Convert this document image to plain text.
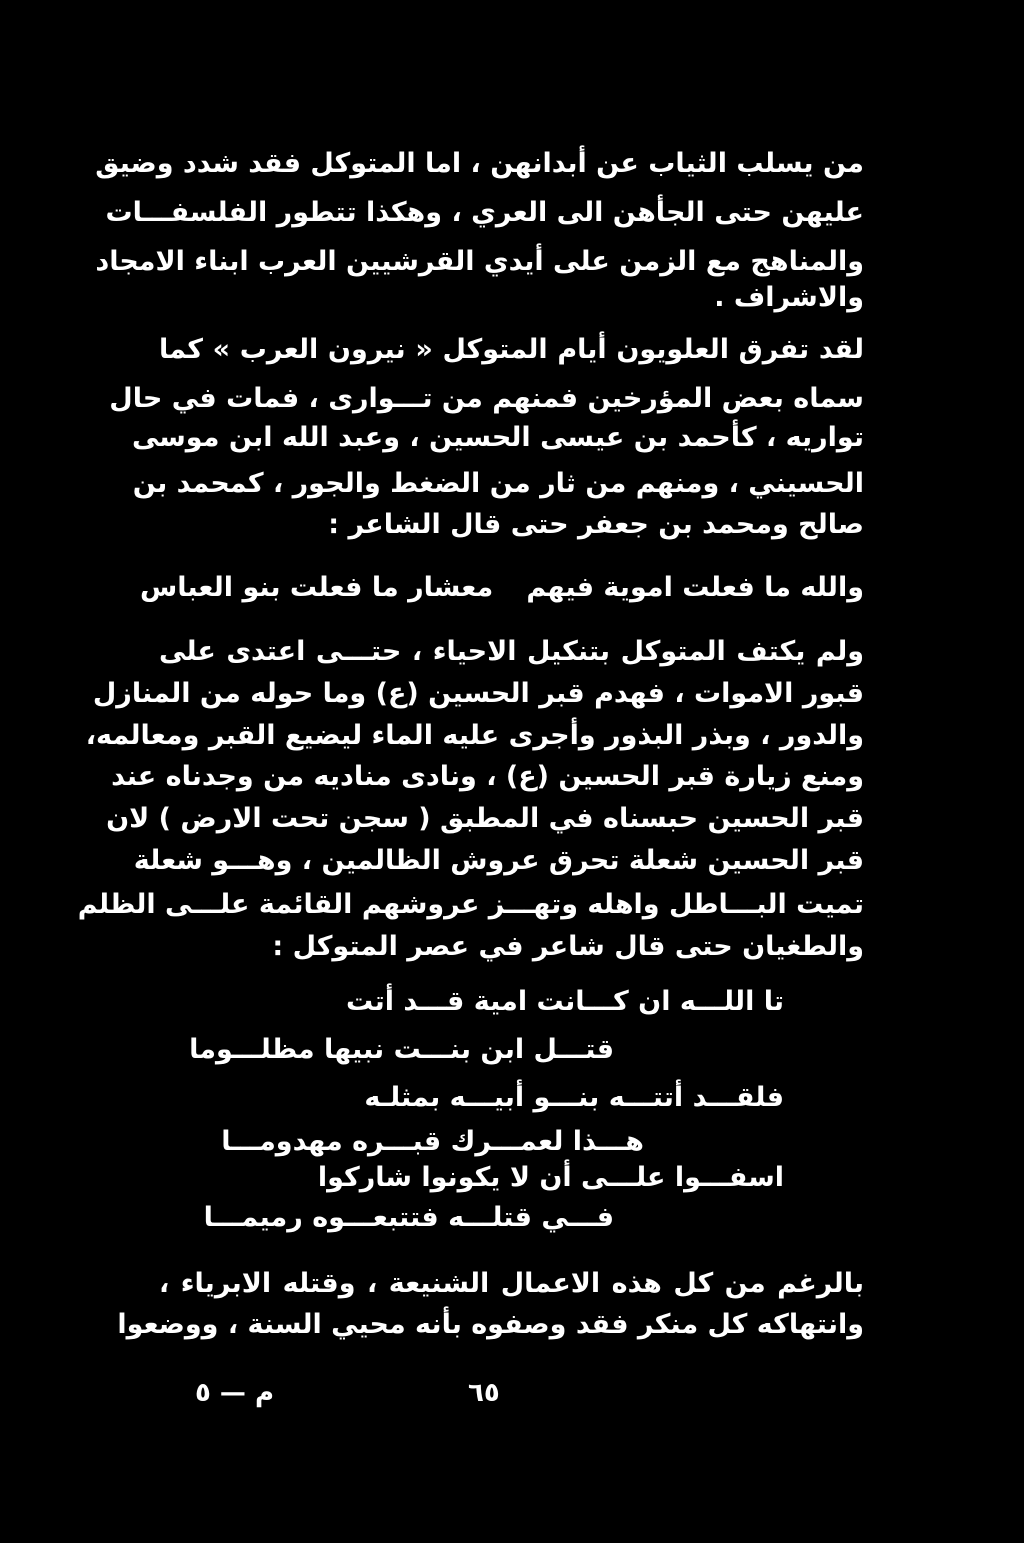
من يسلب الثياب عن أبدانهن ، اما المتوكل فقد شدد وضيق
عليهن حتى الجأهن الى العري ، وهكذا تتطور الفلسفـــات
والمناهج مع الزمن على أيدي القرشيين العرب ابناء الامجاد
والاشراف .
لقد تفرق العلويون أيام المتوكل « نيرون العرب » كما
سماه بعض المؤرخين فمنهم من تـــوارى ، فمات في حال
تواريه ، كأحمد بن عيسى الحسين ، وعبد الله ابن موسى
الحسيني ، ومنهم من ثار من الضغط والجور ، كمحمد بن
صالح ومحمد بن جعفر حتى قال الشاعر :
والله ما فعلت اموية فيهم
معشار ما فعلت بنو العباس
ولم يكتف المتوكل بتنكيل الاحياء ، حتـــى اعتدى على
قبور الاموات ، فهدم قبر الحسين (ع) وما حوله من المنازل
والدور ، وبذر البذور وأجرى عليه الماء ليضيع القبر ومعالمه،
ومنع زيارة قبر الحسين (ع) ، ونادى مناديه من وجدناه عند
قبر الحسين حبسناه في المطبق ( سجن تحت الارض ) لان
قبر الحسين شعلة تحرق عروش الظالمين ، وهـــو شعلة
تميت البـــاطل واهله وتهـــز عروشهم القائمة علـــى الظلم
والطغيان حتى قال شاعر في عصر المتوكل :
تا اللـــه ان كـــانت امية قـــد أتت
قتـــل ابن بنـــت نبيها مظلـــوما
فلقـــد أتتـــه بنـــو أبيـــه بمثلـه
هـــذا لعمـــرك قبـــره مهدومـــا
اسفـــوا علـــى أن لا يكونوا شاركوا
فـــي قتلـــه فتتبعـــوه رميمـــا
بالرغم من كل هذه الاعمال الشنيعة ، وقتله الابرياء ،
وانتهاكه كل منكر فقد وصفوه بأنه محيي السنة ، ووضعوا
م — ٥	٦٥
